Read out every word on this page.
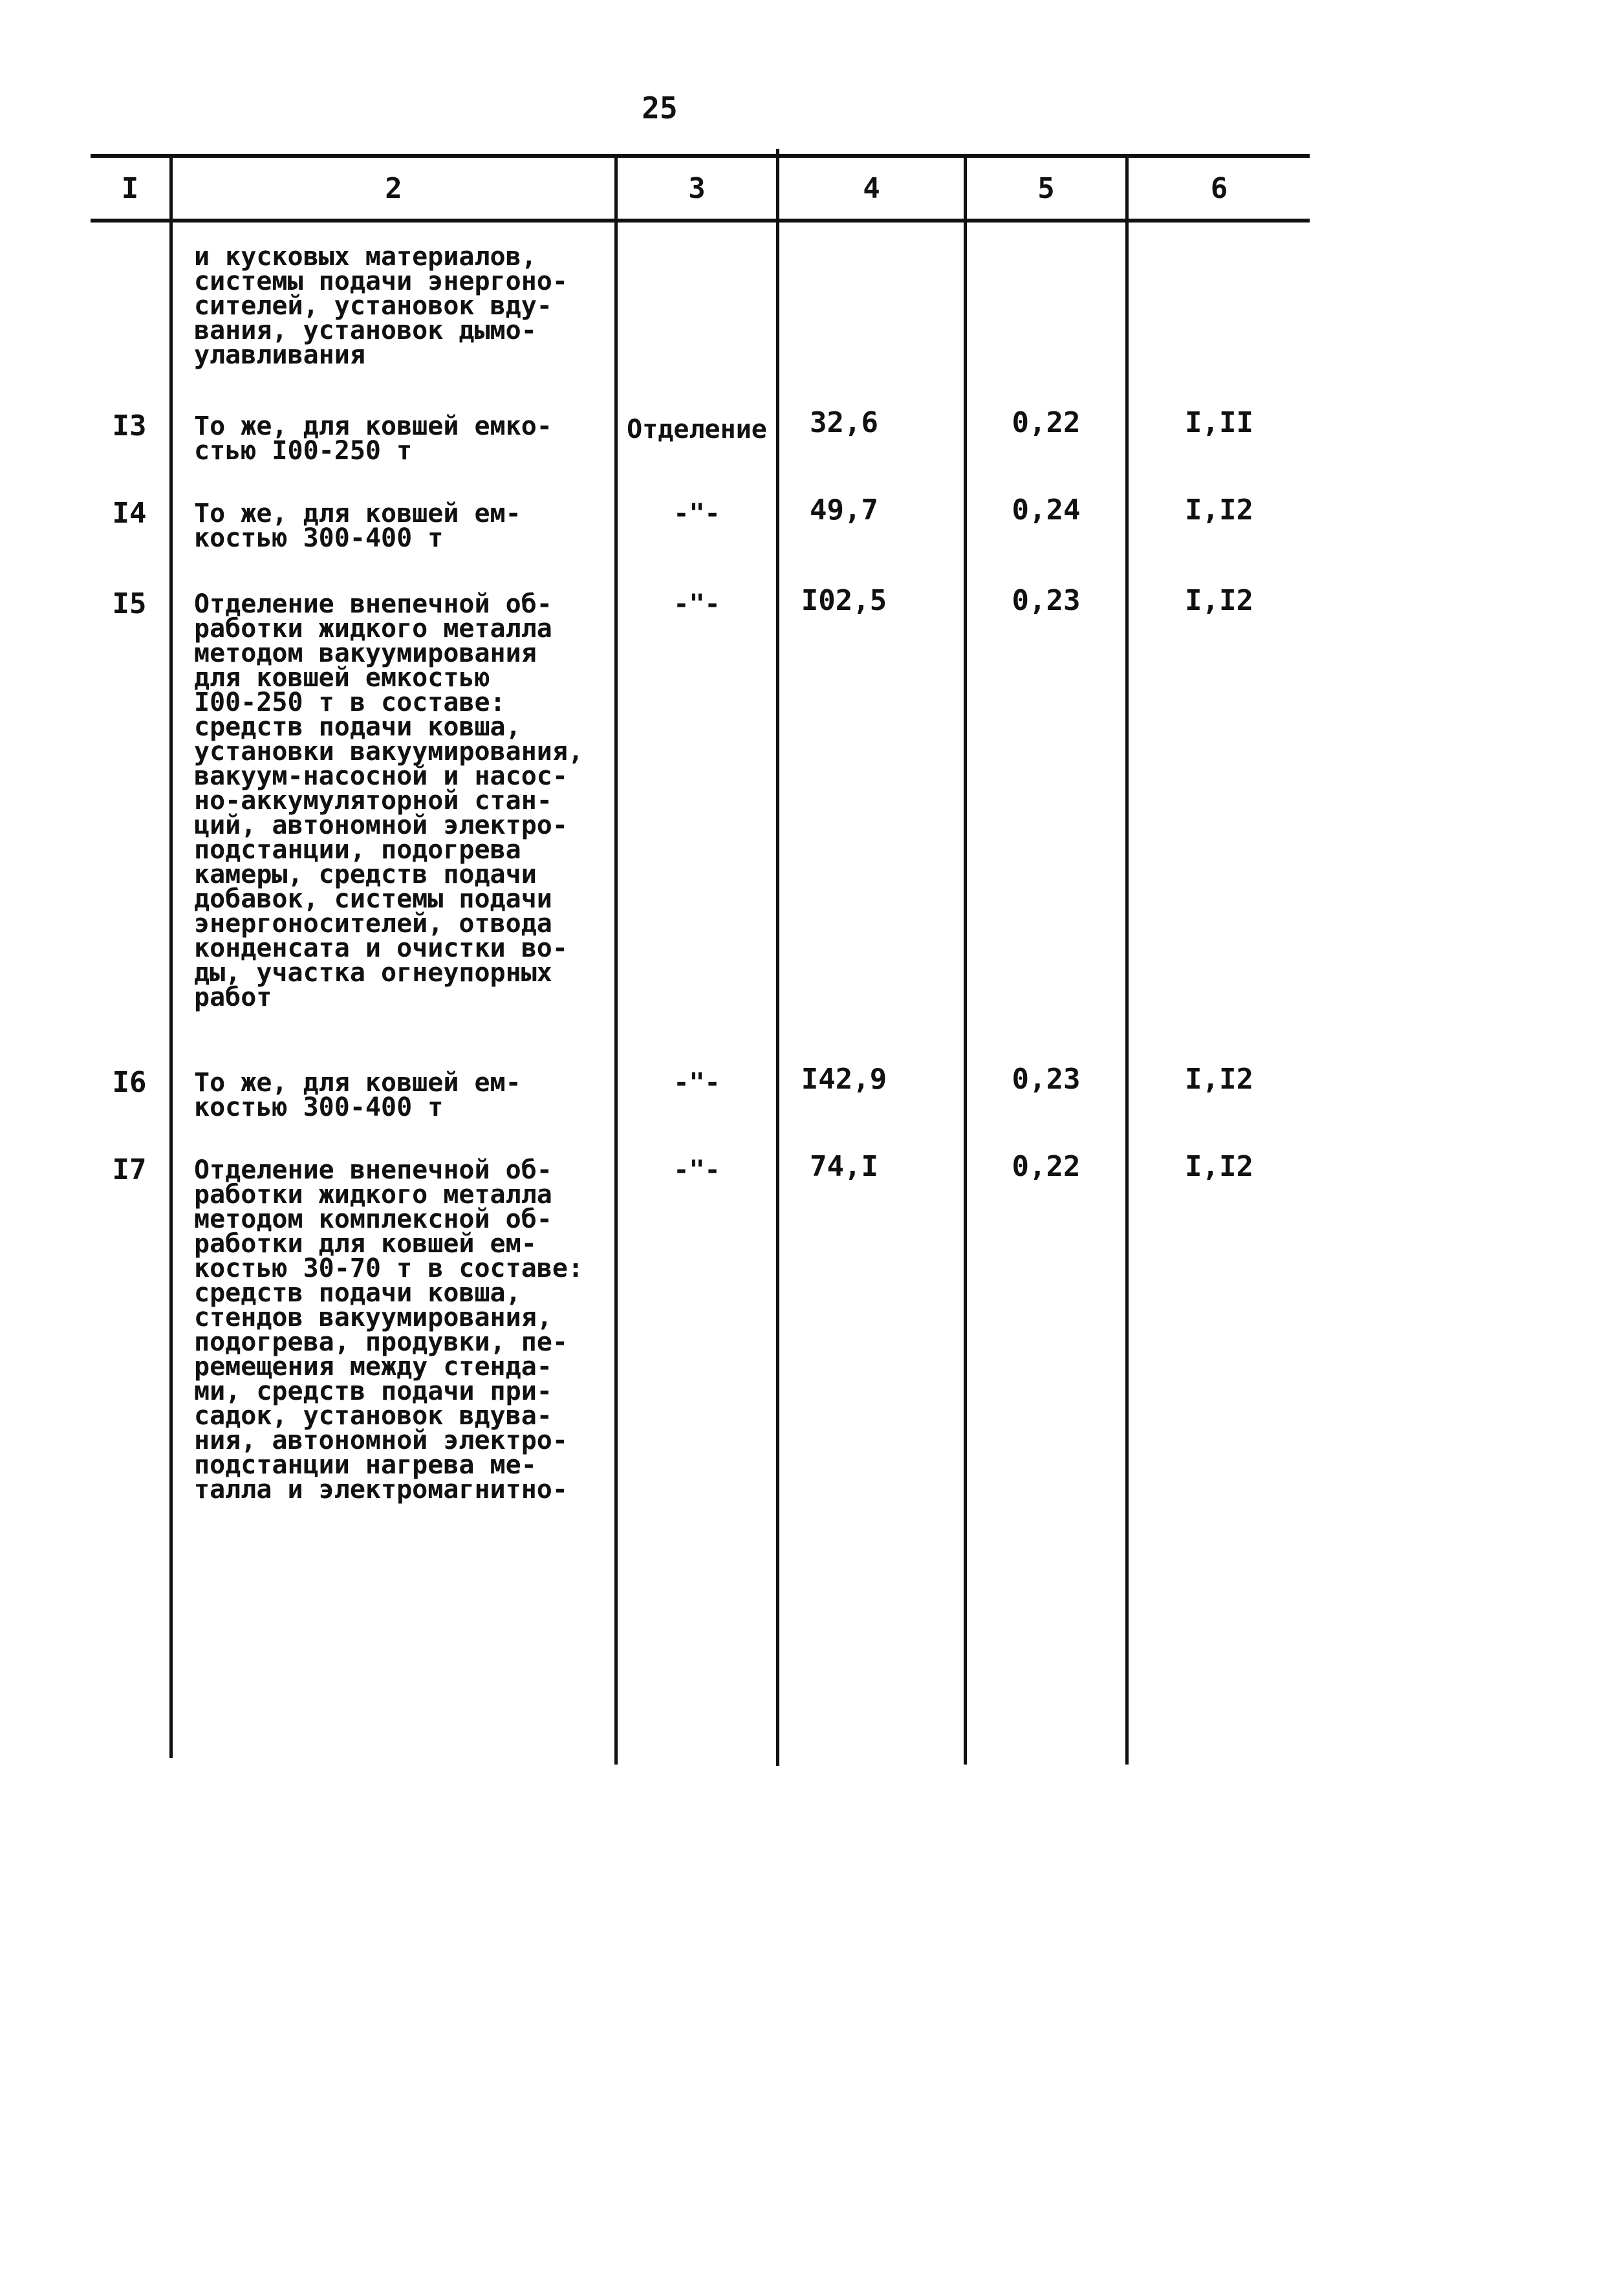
25
I	2	3	4	5	6
и кусковых материалов,
системы подачи энергоно-
сителей, установок вду-
вания, установок дымо-
улавливания
I3	То же, для ковшей емко-
стью I00-250 т
Отделение	32,6	0,22	I,II
I4	То же, для ковшей ем-
костью 300-400 т
-"-	49,7	0,24	I,I2
I5	Отделение внепечной об-
работки жидкого металла
методом вакуумирования
для ковшей емкостью
I00-250 т в составе:
средств подачи ковша,
установки вакуумирования,
вакуум-насосной и насос-
но-аккумуляторной стан-
ций, автономной электро-
подстанции, подогрева
камеры, средств подачи
добавок, системы подачи
энергоносителей, отвода
конденсата и очистки во-
ды, участка огнеупорных
работ
-"-	I02,5	0,23	I,I2
I6	То же, для ковшей ем-
костью 300-400 т
-"-	I42,9	0,23	I,I2
I7	Отделение внепечной об-
работки жидкого металла
методом комплексной об-
работки для ковшей ем-
костью 30-70 т в составе:
средств подачи ковша,
стендов вакуумирования,
подогрева, продувки, пе-
ремещения между стенда-
ми, средств подачи при-
садок, установок вдува-
ния, автономной электро-
подстанции нагрева ме-
талла и электромагнитно-
-"-	74,I	0,22	I,I2
